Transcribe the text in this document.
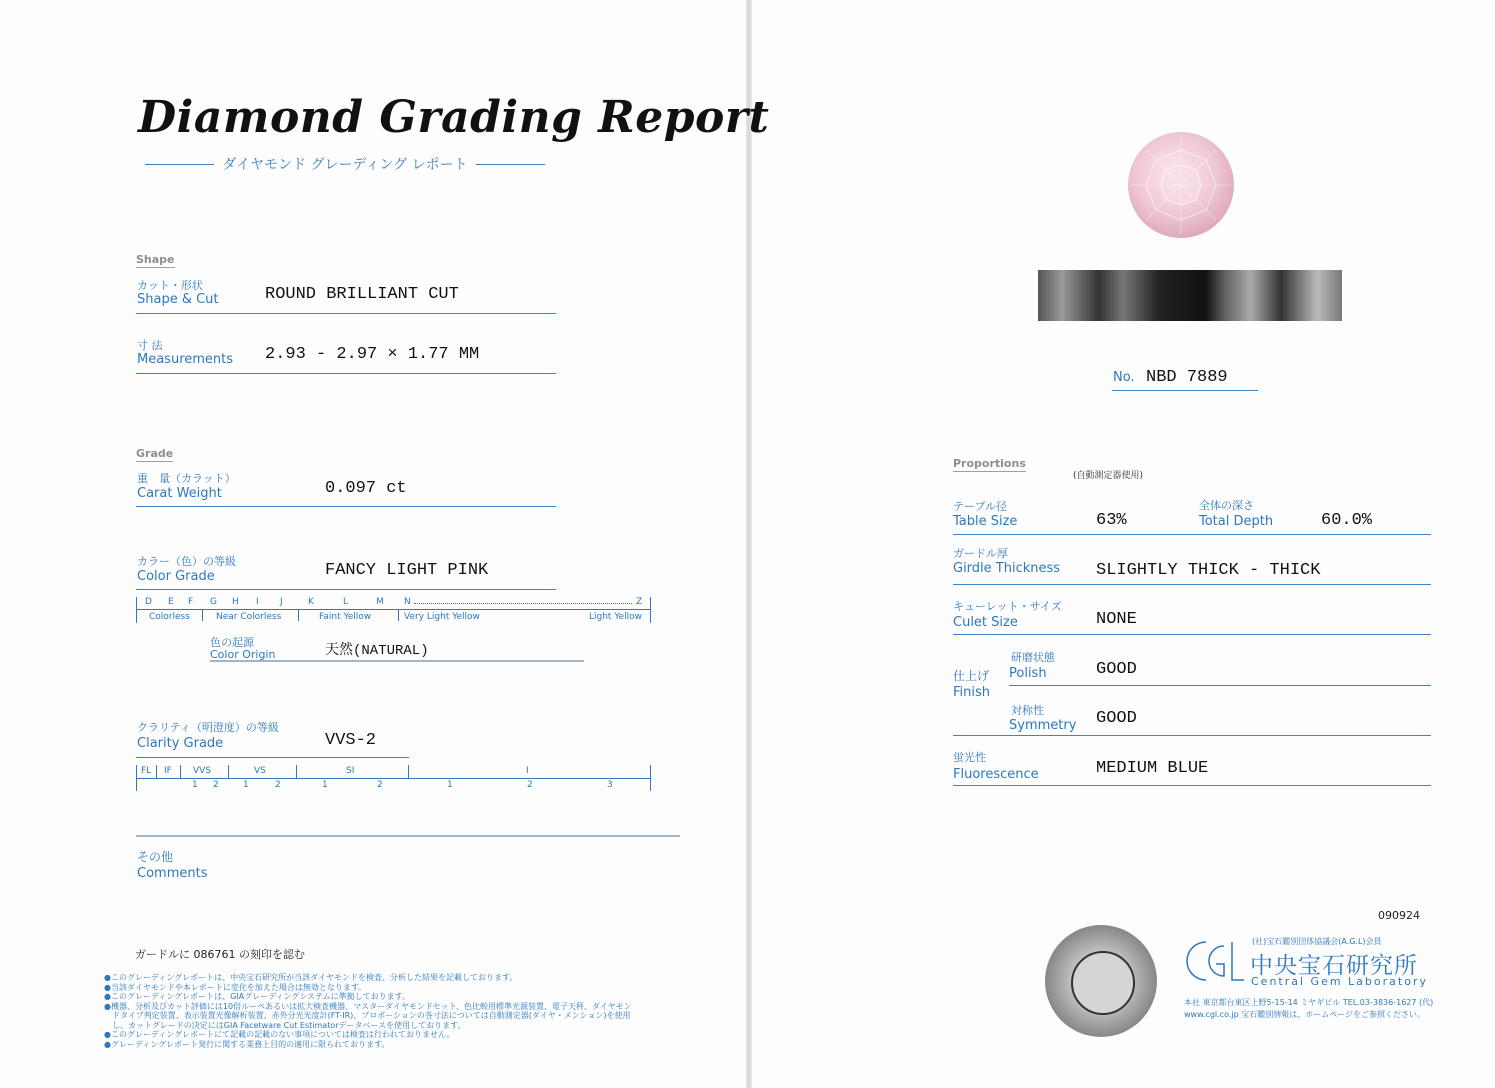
Diamond Grading Report
ダイヤモンド グレーディング レポート
Shape
カット・形状
Shape & Cut	ROUND BRILLIANT CUT
寸 法
Measurements 2.93 - 2.97 × 1.77 MM
Grade
重　量（カラット）
Carat Weight	0.097 ct
カラー（色）の等級
Color Grade	FANCY LIGHT PINK
D E F G H I J	K	L	M N	Z
Colorless	Near Colorless	Faint Yellow	Very Light Yellow	Light Yellow
色の起源
Color Origin	天然(NATURAL)
クラリティ（明澄度）の等級
Clarity Grade	VVS-2
FL IF VVS	VS	SI	I
1 2	1	2	1	2	1	2	3
その他
Comments
ガードルに 086761 の刻印を認む
●このグレーディングレポートは、中央宝石研究所が当該ダイヤモンドを検査、分析した結果を記載しております。
●当該ダイヤモンドや本レポートに変化を加えた場合は無効となります。
●このグレーディングレポートは、GIAグレーディングシステムに準拠しております。
●機器、分析及びカット評価には10倍ルーペあるいは拡大検査機器、マスターダイヤモンドセット、色比較用標準光源装置、電子天秤、ダイヤモン
　ドタイプ判定装置、表示装置光像解析装置、赤外分光光度計(FT-IR)、プロポーションの各寸法については自動測定器(ダイヤ・メンション)を使用
　し、カットグレードの決定にはGIA Facetware Cut Estimatorデータベースを使用しております。
●このグレーディングレポートにて記載の記載のない事項については検査は行われておりません。
●グレーディングレポート発行に関する業務上目的の適用に限られております。
No. NBD 7889
Proportions
(自動測定器使用)
テーブル径
Table Size	63%
全体の深さ
Total Depth	60.0%
ガードル厚
Girdle Thickness SLIGHTLY THICK - THICK
キューレット・サイズ
Culet Size	NONE
仕上げ
Finish
研磨状態
Polish	GOOD
対称性
Symmetry GOOD
蛍光性
Fluorescence	MEDIUM BLUE
090924
(社)宝石鑑別団体協議会(A.G.L)会員
中央宝石研究所
Central Gem Laboratory
本社 東京都台東区上野5-15-14 ミヤギビル TEL.03-3836-1627 (代)
www.cgl.co.jp 宝石鑑別情報は、ホームページをご参照ください。
